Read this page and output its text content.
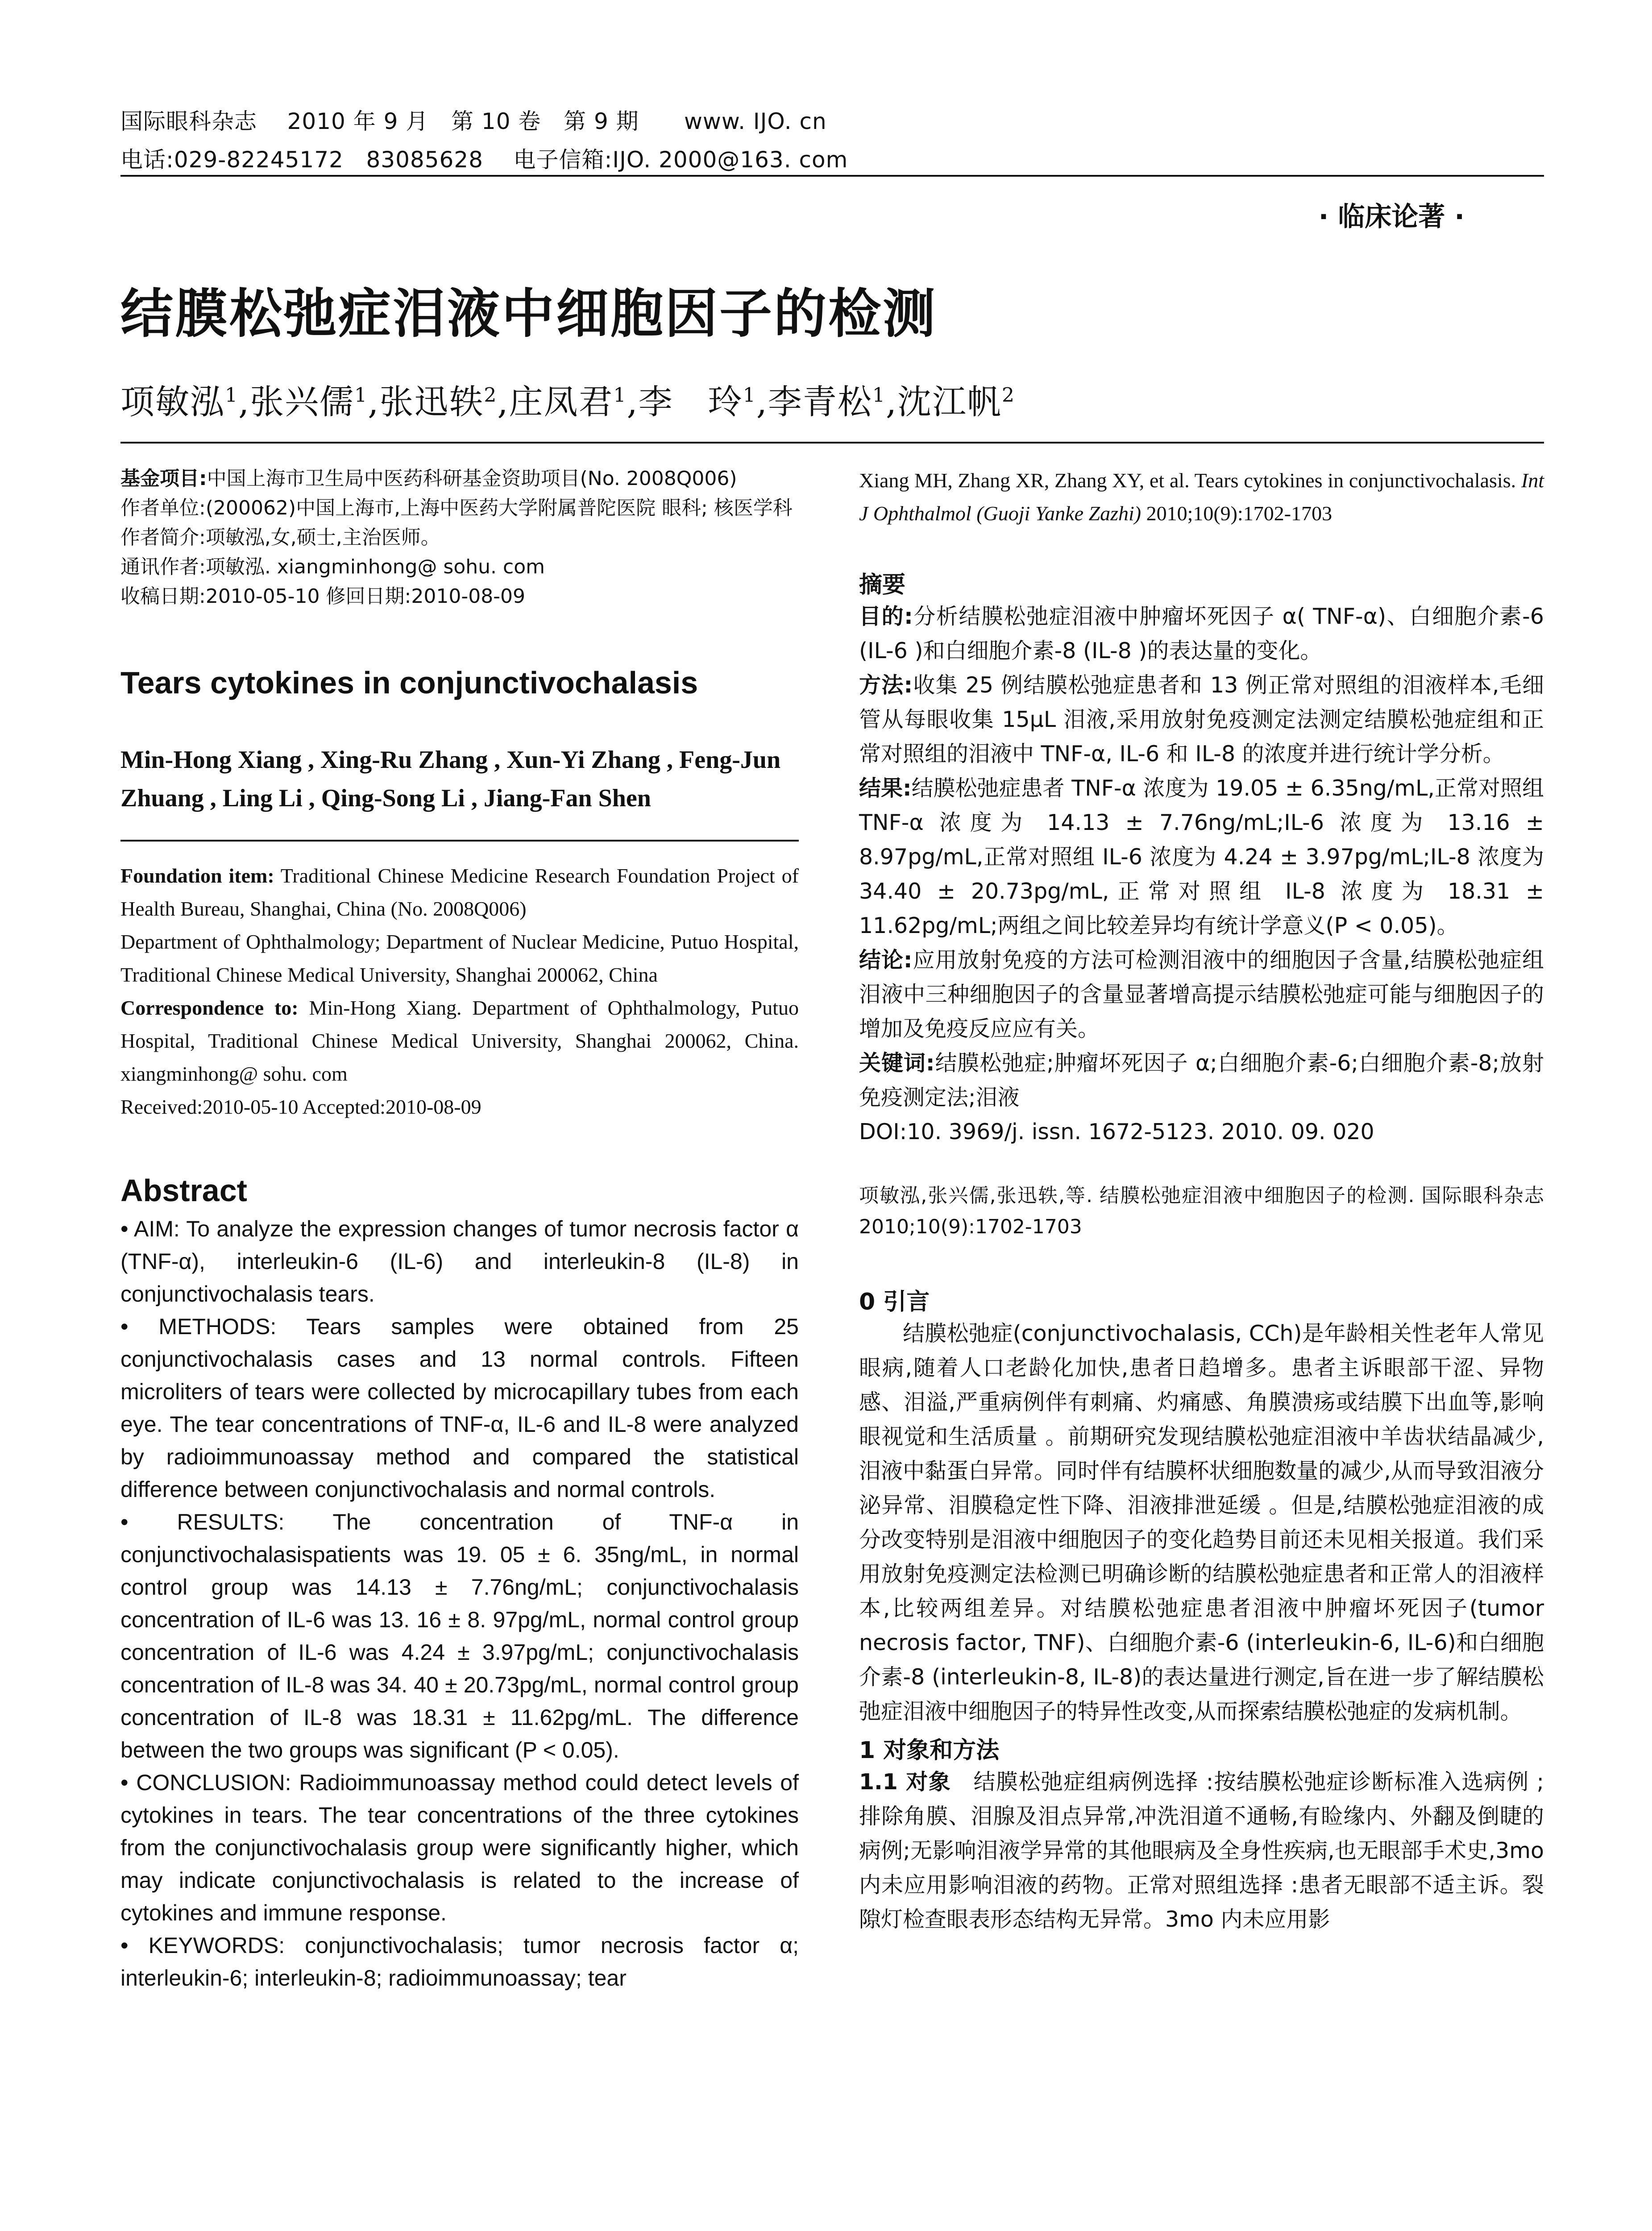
国际眼科杂志    2010 年 9 月   第 10 卷   第 9 期      www. IJO. cn
电话:029-82245172   83085628    电子信箱:IJO. 2000@163. com
· 临床论著 ·
结膜松弛症泪液中细胞因子的检测
项敏泓$^1$,张兴儒$^1$,张迅轶$^2$,庄凤君$^1$,李　玲$^1$,李青松$^1$,沈江帆$^2$
基金项目:中国上海市卫生局中医药科研基金资助项目(No. 2008Q006)
作者单位:(200062)中国上海市,上海中医药大学附属普陀医院 眼科; 核医学科
作者简介:项敏泓,女,硕士,主治医师。
通讯作者:项敏泓. xiangminhong@ sohu. com
收稿日期:2010-05-10 修回日期:2010-08-09
Tears cytokines in conjunctivochalasis
Min-Hong Xiang , Xing-Ru Zhang , Xun-Yi Zhang , Feng-Jun Zhuang , Ling Li , Qing-Song Li , Jiang-Fan Shen
Foundation item: Traditional Chinese Medicine Research Foundation Project of Health Bureau, Shanghai, China (No. 2008Q006)
Department of Ophthalmology; Department of Nuclear Medicine, Putuo Hospital, Traditional Chinese Medical University, Shanghai 200062, China
Correspondence to: Min-Hong Xiang. Department of Ophthalmology, Putuo Hospital, Traditional Chinese Medical University, Shanghai 200062, China. xiangminhong@ sohu. com
Received:2010-05-10 Accepted:2010-08-09
Abstract
• AIM: To analyze the expression changes of tumor necrosis factor α (TNF-α), interleukin-6 (IL-6) and interleukin-8 (IL-8) in conjunctivochalasis tears.
• METHODS: Tears samples were obtained from 25 conjunctivochalasis cases and 13 normal controls. Fifteen microliters of tears were collected by microcapillary tubes from each eye. The tear concentrations of TNF-α, IL-6 and IL-8 were analyzed by radioimmunoassay method and compared the statistical difference between conjunctivochalasis and normal controls.
• RESULTS: The concentration of TNF-α in conjunctivochalasispatients was 19. 05 ± 6. 35ng/mL, in normal control group was 14.13 ± 7.76ng/mL; conjunctivochalasis concentration of IL-6 was 13. 16 ± 8. 97pg/mL, normal control group concentration of IL-6 was 4.24 ± 3.97pg/mL; conjunctivochalasis concentration of IL-8 was 34. 40 ± 20.73pg/mL, normal control group concentration of IL-8 was 18.31 ± 11.62pg/mL. The difference between the two groups was significant (P < 0.05).
• CONCLUSION: Radioimmunoassay method could detect levels of cytokines in tears. The tear concentrations of the three cytokines from the conjunctivochalasis group were significantly higher, which may indicate conjunctivochalasis is related to the increase of cytokines and immune response.
• KEYWORDS: conjunctivochalasis; tumor necrosis factor α; interleukin-6; interleukin-8; radioimmunoassay; tear
Xiang MH, Zhang XR, Zhang XY, et al. Tears cytokines in conjunctivochalasis. Int J Ophthalmol (Guoji Yanke Zazhi) 2010;10(9):1702-1703
摘要
目的:分析结膜松弛症泪液中肿瘤坏死因子 α( TNF-α)、白细胞介素-6 (IL-6 )和白细胞介素-8 (IL-8 )的表达量的变化。
方法:收集 25 例结膜松弛症患者和 13 例正常对照组的泪液样本,毛细管从每眼收集 15μL 泪液,采用放射免疫测定法测定结膜松弛症组和正常对照组的泪液中 TNF-α, IL-6 和 IL-8 的浓度并进行统计学分析。
结果:结膜松弛症患者 TNF-α 浓度为 19.05 ± 6.35ng/mL,正常对照组 TNF-α 浓度为 14.13 ± 7.76ng/mL;IL-6 浓度为 13.16 ± 8.97pg/mL,正常对照组 IL-6 浓度为 4.24 ± 3.97pg/mL;IL-8 浓度为 34.40 ± 20.73pg/mL,正常对照组 IL-8 浓度为 18.31 ± 11.62pg/mL;两组之间比较差异均有统计学意义(P < 0.05)。
结论:应用放射免疫的方法可检测泪液中的细胞因子含量,结膜松弛症组泪液中三种细胞因子的含量显著增高提示结膜松弛症可能与细胞因子的增加及免疫反应应有关。
关键词:结膜松弛症;肿瘤坏死因子 α;白细胞介素-6;白细胞介素-8;放射免疫测定法;泪液
DOI:10. 3969/j. issn. 1672-5123. 2010. 09. 020
项敏泓,张兴儒,张迅轶,等. 结膜松弛症泪液中细胞因子的检测. 国际眼科杂志 2010;10(9):1702-1703
0 引言
结膜松弛症(conjunctivochalasis, CCh)是年龄相关性老年人常见眼病,随着人口老龄化加快,患者日趋增多。患者主诉眼部干涩、异物感、泪溢,严重病例伴有刺痛、灼痛感、角膜溃疡或结膜下出血等,影响眼视觉和生活质量 。前期研究发现结膜松弛症泪液中羊齿状结晶减少,泪液中黏蛋白异常。同时伴有结膜杯状细胞数量的减少,从而导致泪液分泌异常、泪膜稳定性下降、泪液排泄延缓 。但是,结膜松弛症泪液的成分改变特别是泪液中细胞因子的变化趋势目前还未见相关报道。我们采用放射免疫测定法检测已明确诊断的结膜松弛症患者和正常人的泪液样本,比较两组差异。对结膜松弛症患者泪液中肿瘤坏死因子(tumor necrosis factor, TNF)、白细胞介素-6 (interleukin-6, IL-6)和白细胞介素-8 (interleukin-8, IL-8)的表达量进行测定,旨在进一步了解结膜松弛症泪液中细胞因子的特异性改变,从而探索结膜松弛症的发病机制。
1 对象和方法
1.1 对象　结膜松弛症组病例选择 :按结膜松弛症诊断标准入选病例 ;排除角膜、泪腺及泪点异常,冲洗泪道不通畅,有睑缘内、外翻及倒睫的病例;无影响泪液学异常的其他眼病及全身性疾病,也无眼部手术史,3mo 内未应用影响泪液的药物。正常对照组选择 :患者无眼部不适主诉。裂隙灯检查眼表形态结构无异常。3mo 内未应用影
